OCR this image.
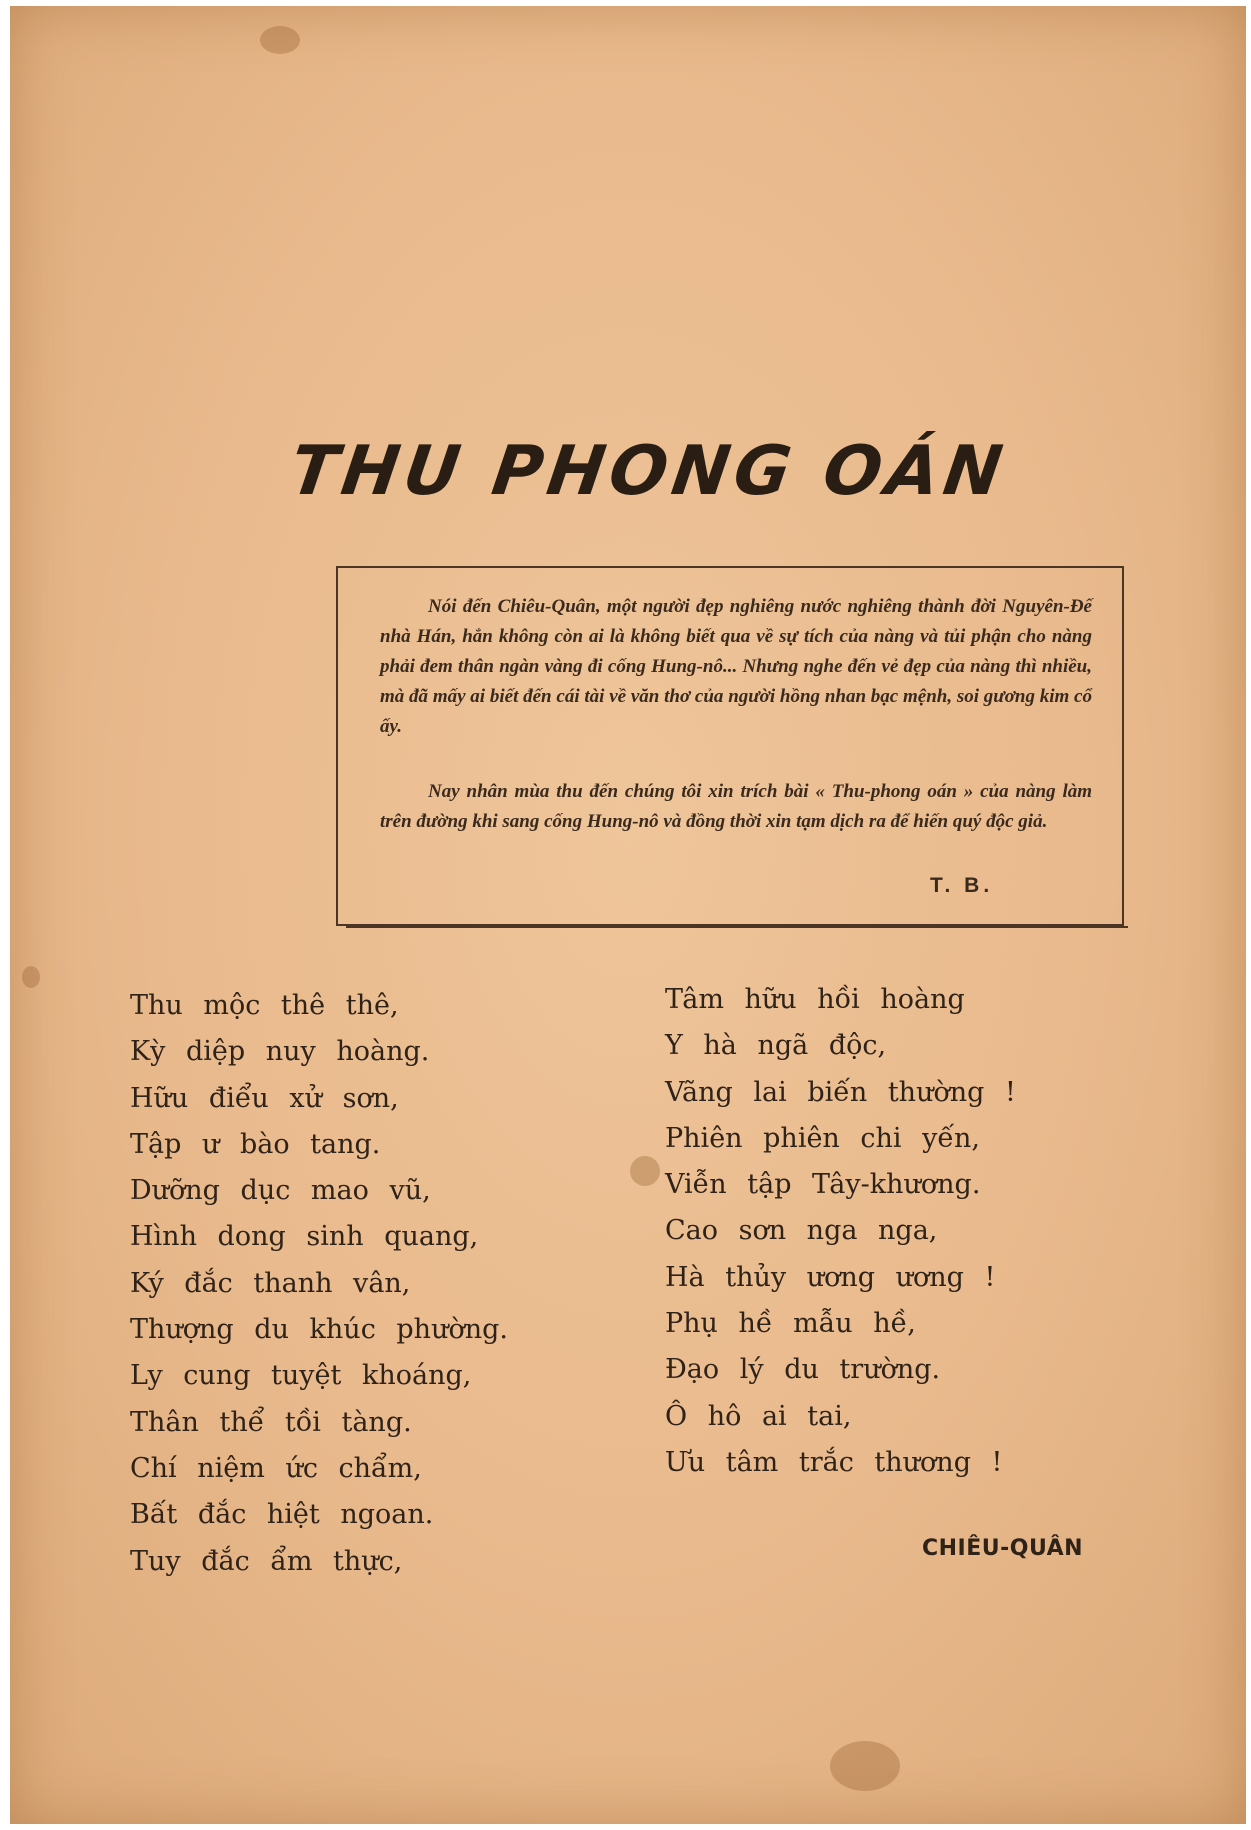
THU PHONG OÁN

Nói đến Chiêu-Quân, một người đẹp nghiêng nước nghiêng thành đời Nguyên-Đế nhà Hán, hẳn không còn ai là không biết qua về sự tích của nàng và tủi phận cho nàng phải đem thân ngàn vàng đi cống Hung-nô... Nhưng nghe đến vẻ đẹp của nàng thì nhiều, mà đã mấy ai biết đến cái tài về văn thơ của người hồng nhan bạc mệnh, soi gương kim cổ ấy.

Nay nhân mùa thu đến chúng tôi xin trích bài « Thu-phong oán » của nàng làm trên đường khi sang cống Hung-nô và đồng thời xin tạm dịch ra để hiến quý độc giả.

T. B.
Thu mộc thê thê,
Kỳ diệp nuy hoàng.
Hữu điểu xử sơn,
Tập ư bào tang.
Dưỡng dục mao vũ,
Hình dong sinh quang,
Ký đắc thanh vân,
Thượng du khúc phường.
Ly cung tuyệt khoáng,
Thân thể tồi tàng.
Chí niệm ức chẩm,
Bất đắc hiệt ngoan.
Tuy đắc ẩm thực,
Tâm hữu hồi hoàng
Y hà ngã độc,
Vãng lai biến thường !
Phiên phiên chi yến,
Viễn tập Tây-khương.
Cao sơn nga nga,
Hà thủy ương ương !
Phụ hề mẫu hề,
Đạo lý du trường.
Ô hô ai tai,
Ưu tâm trắc thương !
CHIÊU-QUÂN
